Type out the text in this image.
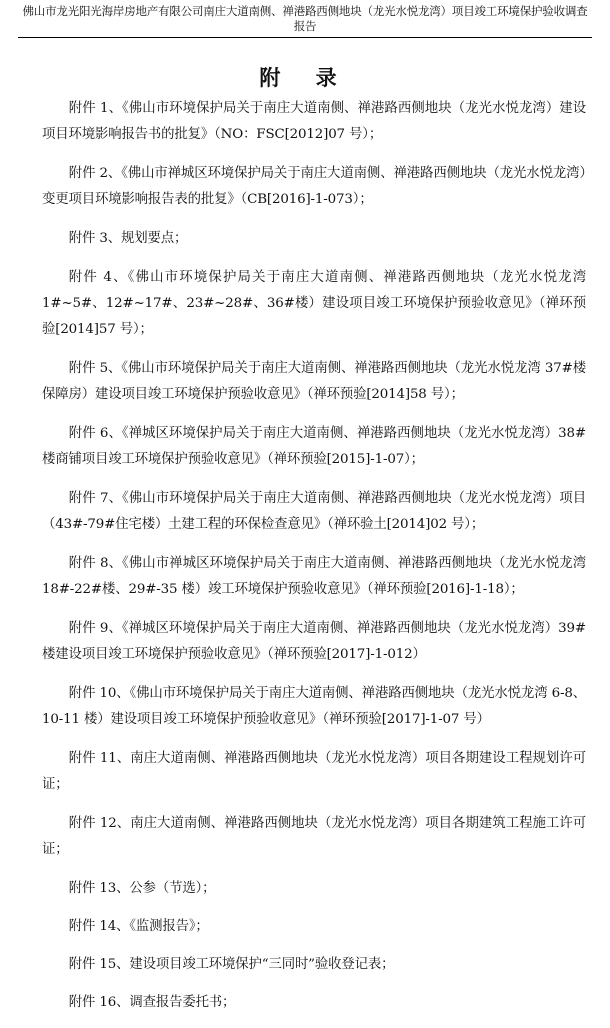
佛山市龙光阳光海岸房地产有限公司南庄大道南侧、禅港路西侧地块（龙光水悦龙湾）项目竣工环境保护验收调查
报告
附 录

附件 1、《佛山市环境保护局关于南庄大道南侧、禅港路西侧地块（龙光水悦龙湾）建设项目环境影响报告书的批复》（NO：FSC[2012]07 号）；

附件 2、《佛山市禅城区环境保护局关于南庄大道南侧、禅港路西侧地块（龙光水悦龙湾）变更项目环境影响报告表的批复》（CB[2016]-1-073）；

附件 3、规划要点；

附件 4、《佛山市环境保护局关于南庄大道南侧、禅港路西侧地块（龙光水悦龙湾 1#~5#、12#~17#、23#~28#、36#楼）建设项目竣工环境保护预验收意见》（禅环预验[2014]57 号）；

附件 5、《佛山市环境保护局关于南庄大道南侧、禅港路西侧地块（龙光水悦龙湾 37#楼保障房）建设项目竣工环境保护预验收意见》（禅环预验[2014]58 号）；

附件 6、《禅城区环境保护局关于南庄大道南侧、禅港路西侧地块（龙光水悦龙湾）38#楼商铺项目竣工环境保护预验收意见》（禅环预验[2015]-1-07）；

附件 7、《佛山市环境保护局关于南庄大道南侧、禅港路西侧地块（龙光水悦龙湾）项目（43#-79#住宅楼）土建工程的环保检查意见》（禅环验土[2014]02 号）；

附件 8、《佛山市禅城区环境保护局关于南庄大道南侧、禅港路西侧地块（龙光水悦龙湾 18#-22#楼、29#-35 楼）竣工环境保护预验收意见》（禅环预验[2016]-1-18）；

附件 9、《禅城区环境保护局关于南庄大道南侧、禅港路西侧地块（龙光水悦龙湾）39#楼建设项目竣工环境保护预验收意见》（禅环预验[2017]-1-012）

附件 10、《佛山市环境保护局关于南庄大道南侧、禅港路西侧地块（龙光水悦龙湾 6-8、10-11 楼）建设项目竣工环境保护预验收意见》（禅环预验[2017]-1-07 号）

附件 11、南庄大道南侧、禅港路西侧地块（龙光水悦龙湾）项目各期建设工程规划许可证；

附件 12、南庄大道南侧、禅港路西侧地块（龙光水悦龙湾）项目各期建筑工程施工许可证；

附件 13、公参（节选）；

附件 14、《监测报告》；

附件 15、建设项目竣工环境保护“三同时”验收登记表；

附件 16、调查报告委托书；
